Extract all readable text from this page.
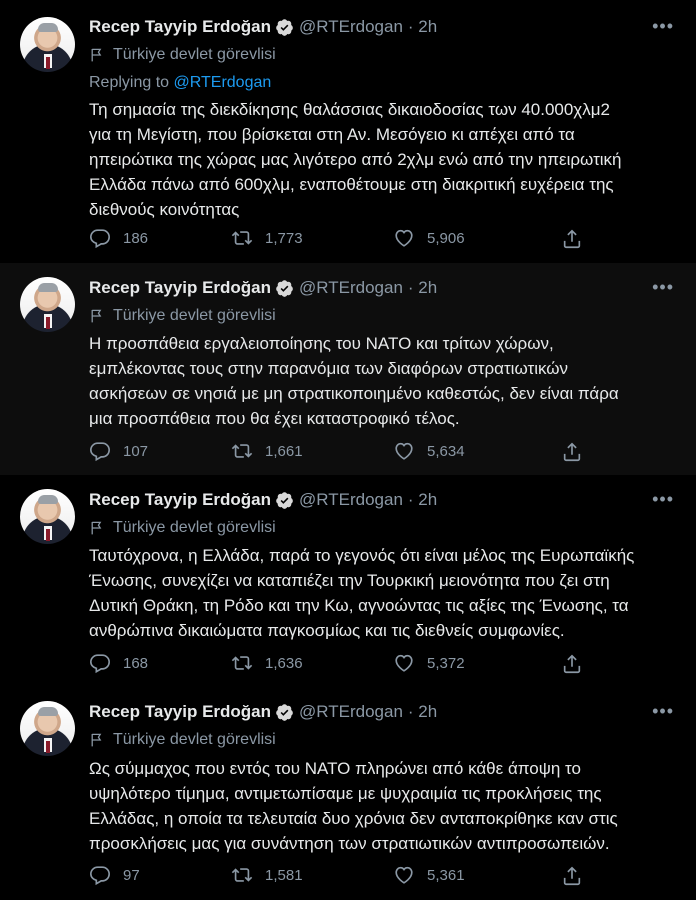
Recep Tayyip Erdoğan @RTErdogan · 2h	•••
Türkiye devlet görevlisi
Replying to @RTErdogan
Τη σημασία της διεκδίκησης θαλάσσιας δικαιοδοσίας των 40.000χλμ2
για τη Μεγίστη, που βρίσκεται στη Αν. Μεσόγειο κι απέχει από τα
ηπειρώτικα της χώρας μας λιγότερο από 2χλμ ενώ από την ηπειρωτική
Ελλάδα πάνω από 600χλμ, εναποθέτουμε στη διακριτική ευχέρεια της
διεθνούς κοινότητας
186	1,773	5,906
Recep Tayyip Erdoğan @RTErdogan · 2h	•••
Türkiye devlet görevlisi
Η προσπάθεια εργαλειοποίησης του ΝΑΤΟ και τρίτων χώρων,
εμπλέκοντας τους στην παρανόμια των διαφόρων στρατιωτικών
ασκήσεων σε νησιά με μη στρατικοποιημένο καθεστώς, δεν είναι πάρα
μια προσπάθεια που θα έχει καταστροφικό τέλος.
107	1,661	5,634
Recep Tayyip Erdoğan @RTErdogan · 2h	•••
Türkiye devlet görevlisi
Ταυτόχρονα, η Ελλάδα, παρά το γεγονός ότι είναι μέλος της Ευρωπαϊκής
Ένωσης, συνεχίζει να καταπιέζει την Τουρκική μειονότητα που ζει στη
Δυτική Θράκη, τη Ρόδο και την Κω, αγνοώντας τις αξίες της Ένωσης, τα
ανθρώπινα δικαιώματα παγκοσμίως και τις διεθνείς συμφωνίες.
168	1,636	5,372
Recep Tayyip Erdoğan @RTErdogan · 2h	•••
Türkiye devlet görevlisi
Ως σύμμαχος που εντός του ΝΑΤΟ πληρώνει από κάθε άποψη το
υψηλότερο τίμημα, αντιμετωπίσαμε με ψυχραιμία τις προκλήσεις της
Ελλάδας, η οποία τα τελευταία δυο χρόνια δεν ανταποκρίθηκε καν στις
προσκλήσεις μας για συνάντηση των στρατιωτικών αντιπροσωπειών.
97	1,581	5,361
